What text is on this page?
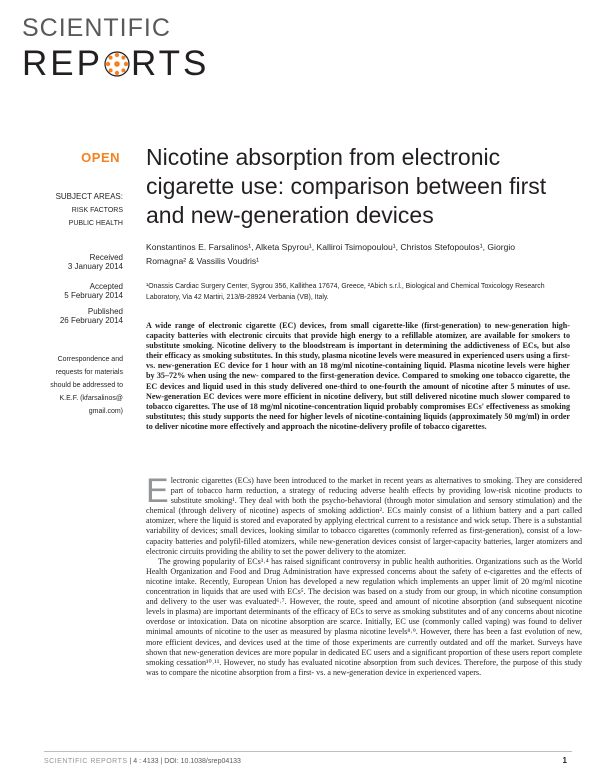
SCIENTIFIC
REP RTS
OPEN
SUBJECT AREAS:
RISK FACTORS
PUBLIC HEALTH
Received
3 January 2014
Accepted
5 February 2014
Published
26 February 2014
Correspondence and
requests for materials
should be addressed to
K.E.F. (kfarsalinos@
gmail.com)
Nicotine absorption from electronic cigarette use: comparison between first and new-generation devices
Konstantinos E. Farsalinos¹, Alketa Spyrou¹, Kalliroi Tsimopoulou¹, Christos Stefopoulos¹, Giorgio Romagna² & Vassilis Voudris¹
¹Onassis Cardiac Surgery Center, Sygrou 356, Kallithea 17674, Greece, ²Abich s.r.l., Biological and Chemical Toxicology Research Laboratory, Via 42 Martiri, 213/B-28924 Verbania (VB), Italy.
A wide range of electronic cigarette (EC) devices, from small cigarette-like (first-generation) to new-generation high-capacity batteries with electronic circuits that provide high energy to a refillable atomizer, are available for smokers to substitute smoking. Nicotine delivery to the bloodstream is important in determining the addictiveness of ECs, but also their efficacy as smoking substitutes. In this study, plasma nicotine levels were measured in experienced users using a first- vs. new-generation EC device for 1 hour with an 18 mg/ml nicotine-containing liquid. Plasma nicotine levels were higher by 35–72% when using the new- compared to the first-generation device. Compared to smoking one tobacco cigarette, the EC devices and liquid used in this study delivered one-third to one-fourth the amount of nicotine after 5 minutes of use. New-generation EC devices were more efficient in nicotine delivery, but still delivered nicotine much slower compared to tobacco cigarettes. The use of 18 mg/ml nicotine-concentration liquid probably compromises ECs' effectiveness as smoking substitutes; this study supports the need for higher levels of nicotine-containing liquids (approximately 50 mg/ml) in order to deliver nicotine more effectively and approach the nicotine-delivery profile of tobacco cigarettes.

Electronic cigarettes (ECs) have been introduced to the market in recent years as alternatives to smoking. They are considered part of tobacco harm reduction, a strategy of reducing adverse health effects by providing low-risk nicotine products to substitute smoking¹. They deal with both the psycho-behavioral (through motor simulation and sensory stimulation) and the chemical (through delivery of nicotine) aspects of smoking addiction². ECs mainly consist of a lithium battery and a part called atomizer, where the liquid is stored and evaporated by applying electrical current to a resistance and wick setup. There is a substantial variability of devices; small devices, looking similar to tobacco cigarettes (commonly referred as first-generation), consist of a low-capacity batteries and polyfil-filled atomizers, while new-generation devices consist of larger-capacity batteries, larger atomizers and electronic circuits providing the ability to set the power delivery to the atomizer.

The growing popularity of ECs³˒⁴ has raised significant controversy in public health authorities. Organizations such as the World Health Organization and Food and Drug Administration have expressed concerns about the safety of e-cigarettes and the effects of nicotine intake. Recently, European Union has developed a new regulation which implements an upper limit of 20 mg/ml nicotine concentration in liquids that are used with ECs⁵. The decision was based on a study from our group, in which nicotine consumption and delivery to the user was evaluated⁶˒⁷. However, the route, speed and amount of nicotine absorption (and subsequent nicotine levels in plasma) are important determinants of the efficacy of ECs to serve as smoking substitutes and of any concerns about nicotine overdose or intoxication. Data on nicotine absorption are scarce. Initially, EC use (commonly called vaping) was found to deliver minimal amounts of nicotine to the user as measured by plasma nicotine levels⁸˒⁹. However, there has been a fast evolution of new, more efficient devices, and devices used at the time of those experiments are currently outdated and off the market. Surveys have shown that new-generation devices are more popular in dedicated EC users and a significant proportion of these users report complete smoking cessation¹⁰˒¹¹. However, no study has evaluated nicotine absorption from such devices. Therefore, the purpose of this study was to compare the nicotine absorption from a first- vs. a new-generation device in experienced vapers.

SCIENTIFIC REPORTS | 4 : 4133 | DOI: 10.1038/srep04133	1
